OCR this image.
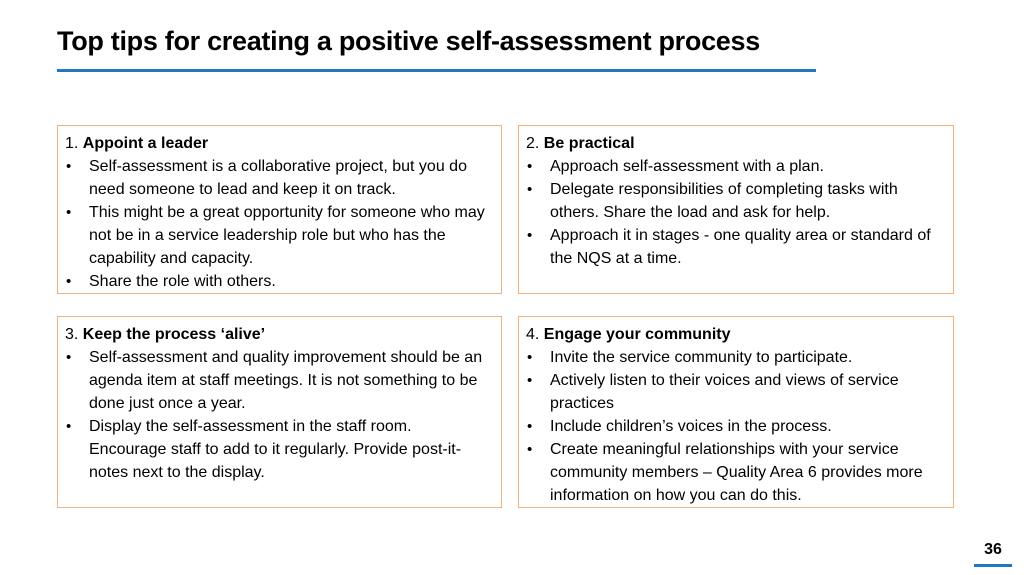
Top tips for creating a positive self-assessment process

1. Appoint a leader

• Self-assessment is a collaborative project, but you do need someone to lead and keep it on track.
• This might be a great opportunity for someone who may not be in a service leadership role but who has the capability and capacity.
• Share the role with others.

2. Be practical

• Approach self-assessment with a plan.
• Delegate responsibilities of completing tasks with others. Share the load and ask for help.
• Approach it in stages - one quality area or standard of the NQS at a time.

3. Keep the process ‘alive’

• Self-assessment and quality improvement should be an agenda item at staff meetings. It is not something to be done just once a year.
• Display the self-assessment in the staff room. Encourage staff to add to it regularly. Provide post-it-notes next to the display.

4. Engage your community

• Invite the service community to participate.
• Actively listen to their voices and views of service practices
• Include children’s voices in the process.
• Create meaningful relationships with your service community members – Quality Area 6 provides more information on how you can do this.
36
